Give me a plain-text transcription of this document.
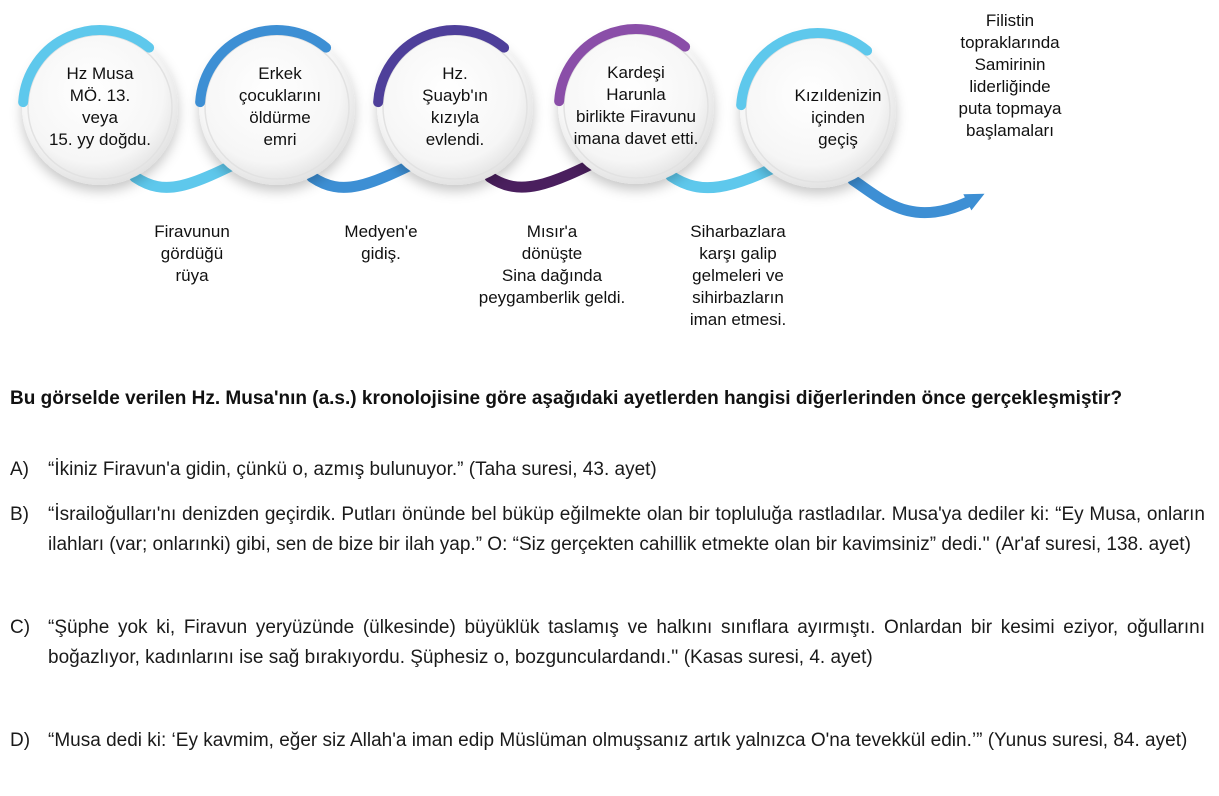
Hz Musa
MÖ. 13.
veya
15. yy doğdu.
Erkek
çocuklarını
öldürme
emri
Hz.
Şuayb'ın
kızıyla
evlendi.
Kardeşi
Harunla
birlikte Firavunu
imana davet etti.
Kızıldenizin
içinden
geçiş
Filistin
topraklarında
Samirinin
liderliğinde
puta topmaya
başlamaları
Firavunun
gördüğü
rüya
Medyen'e
gidiş.
Mısır'a
dönüşte
Sina dağında
peygamberlik geldi.
Siharbazlara
karşı galip
gelmeleri ve
sihirbazların
iman etmesi.
Bu görselde verilen Hz. Musa'nın (a.s.) kronolojisine göre aşağıdaki ayetlerden hangisi diğerlerinden önce gerçekleşmiştir?
A) “İkiniz Firavun'a gidin, çünkü o, azmış bulunuyor.” (Taha suresi, 43. ayet)
B) “İsrailoğulları'nı denizden geçirdik. Putları önünde bel büküp eğilmekte olan bir topluluğa rastladılar. Musa'ya dediler ki: “Ey Musa, onların ilahları (var; onlarınki) gibi, sen de bize bir ilah yap.” O: “Siz gerçekten cahillik etmekte olan bir kavimsiniz” dedi.'' (Ar'af suresi, 138. ayet)
C) “Şüphe yok ki, Firavun yeryüzünde (ülkesinde) büyüklük taslamış ve halkını sınıflara ayırmıştı. Onlardan bir kesimi eziyor, oğullarını boğazlıyor, kadınlarını ise sağ bırakıyordu. Şüphesiz o, bozgunculardandı.'' (Kasas suresi, 4. ayet)
D) “Musa dedi ki: ‘Ey kavmim, eğer siz Allah'a iman edip Müslüman olmuşsanız artık yalnızca O'na tevekkül edin.’” (Yunus suresi, 84. ayet)
